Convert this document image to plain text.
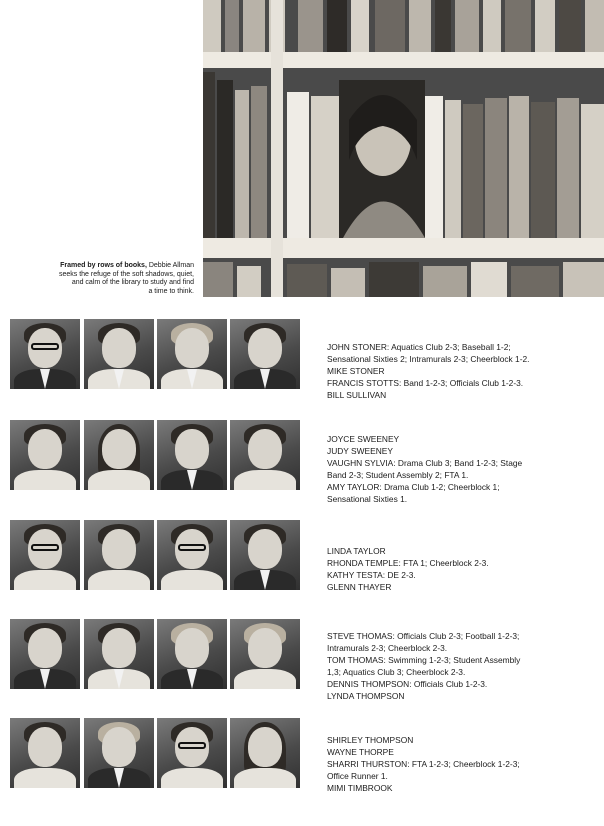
Framed by rows of books, Debbie Allman
seeks the refuge of the soft shadows, quiet,
and calm of the library to study and find
a time to think.
JOHN STONER: Aquatics Club 2-3; Baseball 1-2;
Sensational Sixties 2; Intramurals 2-3; Cheerblock 1-2.
MIKE STONER
FRANCIS STOTTS: Band 1-2-3; Officials Club 1-2-3.
BILL SULLIVAN
JOYCE SWEENEY
JUDY SWEENEY
VAUGHN SYLVIA: Drama Club 3; Band 1-2-3; Stage
Band 2-3; Student Assembly 2; FTA 1.
AMY TAYLOR: Drama Club 1-2; Cheerblock 1;
Sensational Sixties 1.
LINDA TAYLOR
RHONDA TEMPLE: FTA 1; Cheerblock 2-3.
KATHY TESTA: DE 2-3.
GLENN THAYER
STEVE THOMAS: Officials Club 2-3; Football 1-2-3;
Intramurals 2-3; Cheerblock 2-3.
TOM THOMAS: Swimming 1-2-3; Student Assembly
1,3; Aquatics Club 3; Cheerblock 2-3.
DENNIS THOMPSON: Officials Club 1-2-3.
LYNDA THOMPSON
SHIRLEY THOMPSON
WAYNE THORPE
SHARRI THURSTON: FTA 1-2-3; Cheerblock 1-2-3;
Office Runner 1.
MIMI TIMBROOK
